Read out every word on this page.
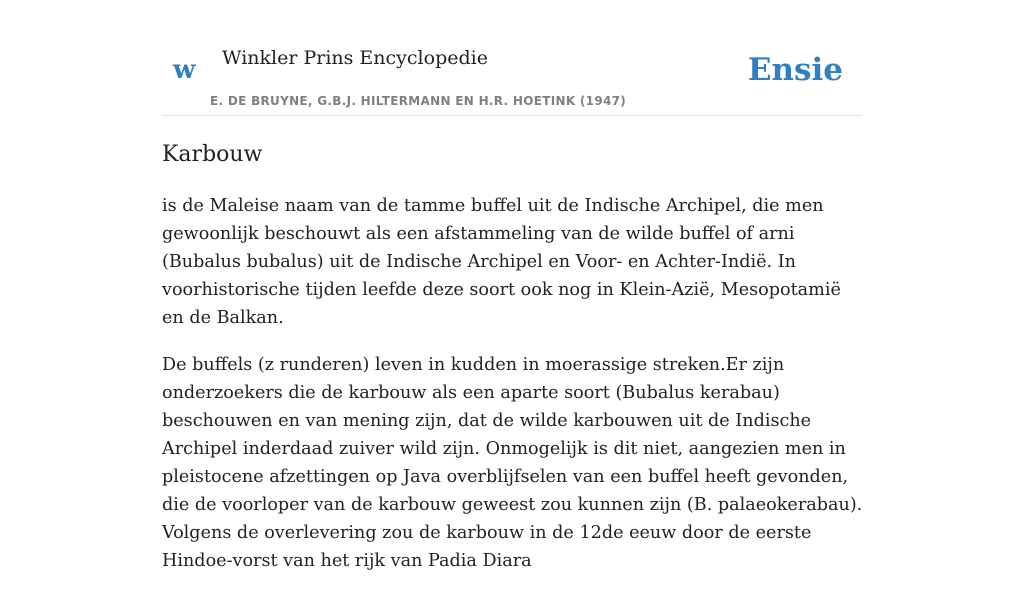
w Winkler Prins Encyclopedie
E. DE BRUYNE, G.B.J. HILTERMANN EN H.R. HOETINK (1947)
Ensie
Karbouw

is de Maleise naam van de tamme buffel uit de Indische Archipel, die men gewoonlijk beschouwt als een afstammeling van de wilde buffel of arni (Bubalus bubalus) uit de Indische Archipel en Voor- en Achter-Indië. In voorhistorische tijden leefde deze soort ook nog in Klein-Azië, Mesopotamië en de Balkan.

De buffels (z runderen) leven in kudden in moerassige streken.Er zijn onderzoekers die de karbouw als een aparte soort (Bubalus kerabau) beschouwen en van mening zijn, dat de wilde karbouwen uit de Indische Archipel inderdaad zuiver wild zijn. Onmogelijk is dit niet, aangezien men in pleistocene afzettingen op Java overblijfselen van een buffel heeft gevonden, die de voorloper van de karbouw geweest zou kunnen zijn (B. palaeokerabau). Volgens de overlevering zou de karbouw in de 12de eeuw door de eerste Hindoe-vorst van het rijk van Padia Diara
